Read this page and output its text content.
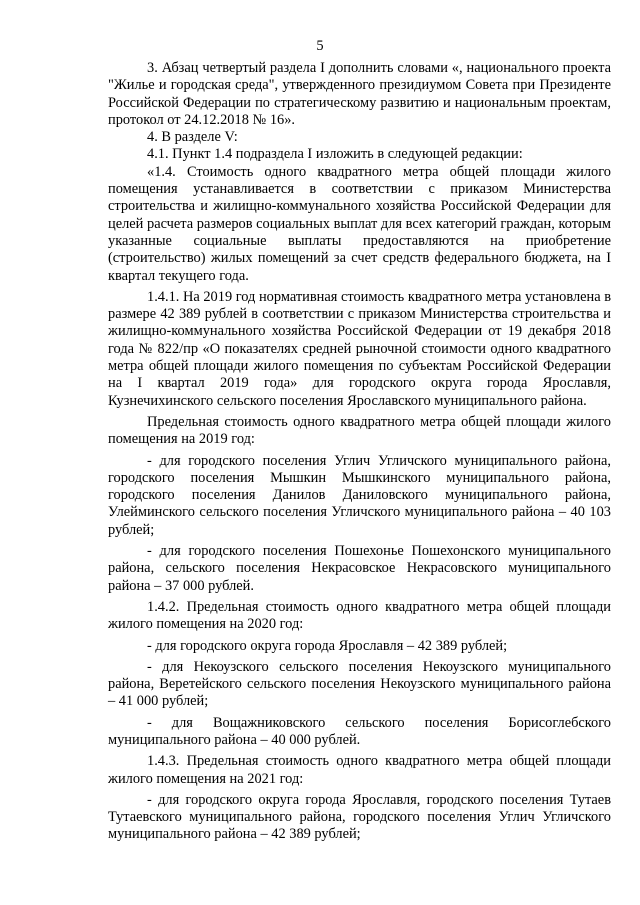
5

3. Абзац четвертый раздела I дополнить словами «, национального проекта "Жилье и городская среда", утвержденного президиумом Совета при Президенте Российской Федерации по стратегическому развитию и национальным проектам, протокол от 24.12.2018 № 16».

4. В разделе V:

4.1. Пункт 1.4 подраздела I изложить в следующей редакции:

«1.4. Стоимость одного квадратного метра общей площади жилого помещения устанавливается в соответствии с приказом Министерства строительства и жилищно-коммунального хозяйства Российской Федерации для целей расчета размеров социальных выплат для всех категорий граждан, которым указанные социальные выплаты предоставляются на приобретение (строительство) жилых помещений за счет средств федерального бюджета, на I квартал текущего года.

1.4.1. На 2019 год нормативная стоимость квадратного метра установлена в размере 42 389 рублей в соответствии с приказом Министерства строительства и жилищно-коммунального хозяйства Российской Федерации от 19 декабря 2018 года № 822/пр «О показателях средней рыночной стоимости одного квадратного метра общей площади жилого помещения по субъектам Российской Федерации на I квартал 2019 года» для городского округа города Ярославля, Кузнечихинского сельского поселения Ярославского муниципального района.

Предельная стоимость одного квадратного метра общей площади жилого помещения на 2019 год:

- для городского поселения Углич Угличского муниципального района, городского поселения Мышкин Мышкинского муниципального района, городского поселения Данилов Даниловского муниципального района, Улейминского сельского поселения Угличского муниципального района – 40 103 рублей;

- для городского поселения Пошехонье Пошехонского муниципального района, сельского поселения Некрасовское Некрасовского муниципального района – 37 000 рублей.

1.4.2. Предельная стоимость одного квадратного метра общей площади жилого помещения на 2020 год:

- для городского округа города Ярославля – 42 389 рублей;

- для Некоузского сельского поселения Некоузского муниципального района, Веретейского сельского поселения Некоузского муниципального района – 41 000 рублей;

- для Вощажниковского сельского поселения Борисоглебского муниципального района – 40 000 рублей.

1.4.3. Предельная стоимость одного квадратного метра общей площади жилого помещения на 2021 год:

- для городского округа города Ярославля, городского поселения Тутаев Тутаевского муниципального района, городского поселения Углич Угличского муниципального района – 42 389 рублей;
